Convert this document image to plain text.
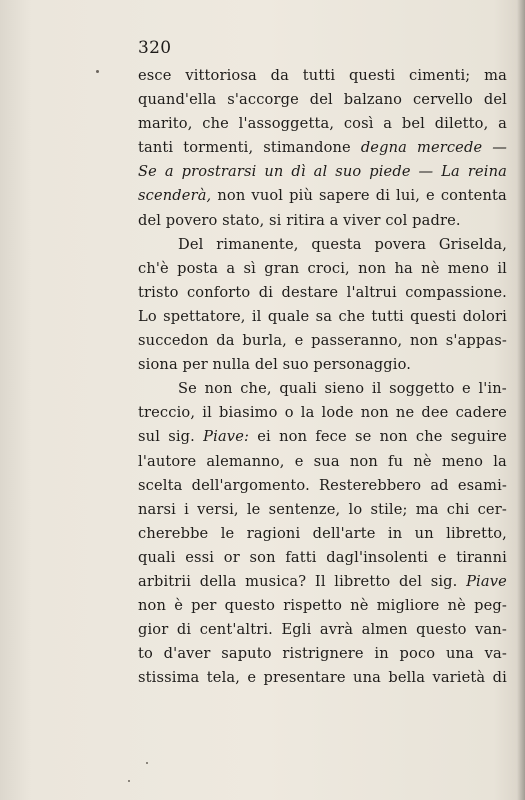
320
esce vittoriosa da tutti questi cimenti; ma
quand'ella s'accorge del balzano cervello del
marito, che l'assoggetta, così a bel diletto, a
tanti tormenti, stimandone degna mercede —
Se a prostrarsi un dì al suo piede — La reina
scenderà, non vuol più sapere di lui, e contenta
del povero stato, si ritira a viver col padre.
Del rimanente, questa povera Griselda,
ch'è posta a sì gran croci, non ha nè meno il
tristo conforto di destare l'altrui compassione.
Lo spettatore, il quale sa che tutti questi dolori
succedon da burla, e passeranno, non s'appas-
siona per nulla del suo personaggio.
Se non che, quali sieno il soggetto e l'in-
treccio, il biasimo o la lode non ne dee cadere
sul sig. Piave: ei non fece se non che seguire
l'autore alemanno, e sua non fu nè meno la
scelta dell'argomento. Resterebbero ad esami-
narsi i versi, le sentenze, lo stile; ma chi cer-
cherebbe le ragioni dell'arte in un libretto,
quali essi or son fatti dagl'insolenti e tiranni
arbitrii della musica? Il libretto del sig. Piave
non è per questo rispetto nè migliore nè peg-
gior di cent'altri. Egli avrà almen questo van-
to d'aver saputo ristrignere in poco una va-
stissima tela, e presentare una bella varietà di
